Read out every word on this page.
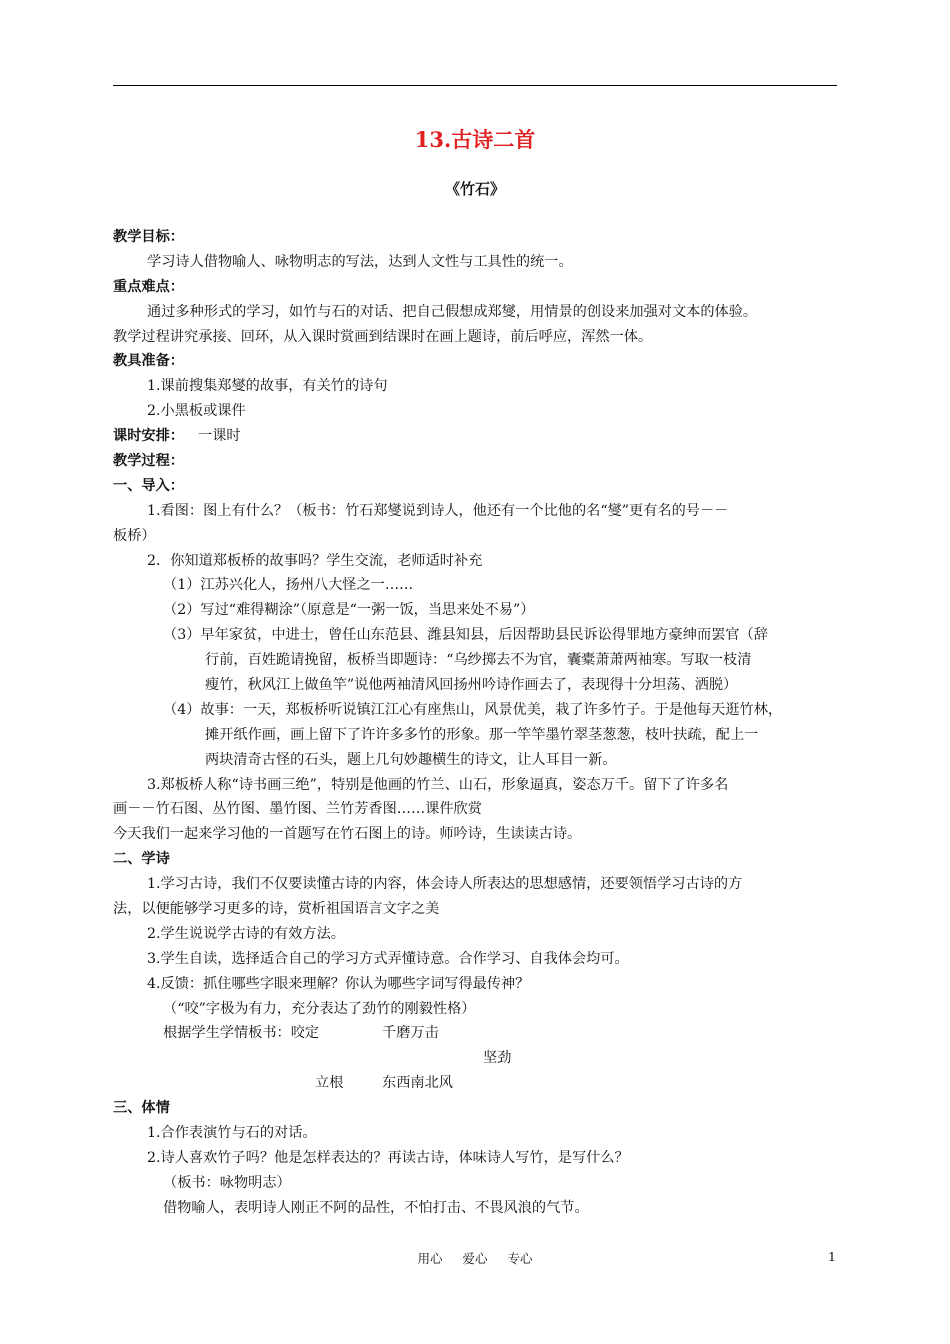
13.古诗二首
《竹石》
教学目标：
学习诗人借物喻人、咏物明志的写法，达到人文性与工具性的统一。
重点难点：
通过多种形式的学习，如竹与石的对话、把自己假想成郑燮，用情景的创设来加强对文本的体验。
教学过程讲究承接、回环，从入课时赏画到结课时在画上题诗，前后呼应，浑然一体。
教具准备：
1.课前搜集郑燮的故事，有关竹的诗句
2.小黑板或课件
课时安排： 一课时
教学过程：
一、导入：
1.看图：图上有什么？（板书：竹石郑燮说到诗人，他还有一个比他的名“燮”更有名的号－－
板桥）
2．你知道郑板桥的故事吗？学生交流，老师适时补充
（1）江苏兴化人，扬州八大怪之一……
（2）写过“难得糊涂”（原意是“一粥一饭，当思来处不易”）
（3）早年家贫，中进士，曾任山东范县、潍县知县，后因帮助县民诉讼得罪地方豪绅而罢官（辞
行前，百姓跪请挽留，板桥当即题诗：“乌纱掷去不为官，囊橐萧萧两袖寒。写取一枝清
瘦竹，秋风江上做鱼竿”说他两袖清风回扬州吟诗作画去了，表现得十分坦荡、洒脱）
（4）故事：一天，郑板桥听说镇江江心有座焦山，风景优美，栽了许多竹子。于是他每天逛竹林，
摊开纸作画，画上留下了许许多多竹的形象。那一竿竿墨竹翠茎葱葱，枝叶扶疏，配上一
两块清奇古怪的石头，题上几句妙趣横生的诗文，让人耳目一新。
3.郑板桥人称“诗书画三绝”，特别是他画的竹兰、山石，形象逼真，姿态万千。留下了许多名
画－－竹石图、丛竹图、墨竹图、兰竹芳香图……课件欣赏
今天我们一起来学习他的一首题写在竹石图上的诗。师吟诗，生读读古诗。
二、学诗
1.学习古诗，我们不仅要读懂古诗的内容，体会诗人所表达的思想感情，还要领悟学习古诗的方
法，以便能够学习更多的诗，赏析祖国语言文字之美
2.学生说说学古诗的有效方法。
3.学生自读，选择适合自己的学习方式弄懂诗意。合作学习、自我体会均可。
4.反馈：抓住哪些字眼来理解？你认为哪些字词写得最传神？
（“咬”字极为有力，充分表达了劲竹的刚毅性格）
根据学生学情板书：咬定	千磨万击
坚劲
立根	东西南北风
三、体情
1.合作表演竹与石的对话。
2.诗人喜欢竹子吗？他是怎样表达的？再读古诗，体味诗人写竹，是写什么？
（板书：咏物明志）
借物喻人，表明诗人刚正不阿的品性，不怕打击、不畏风浪的气节。
用心 爱心 专心	1
